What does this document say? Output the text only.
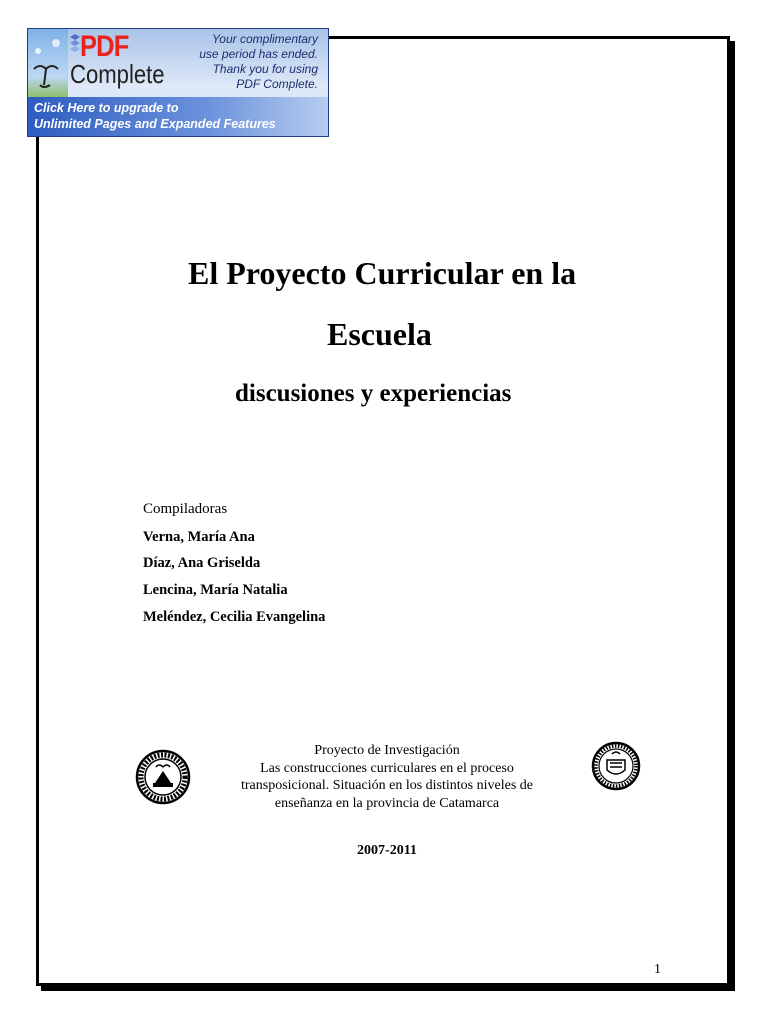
PDF
Complete
Your complimentary
use period has ended.
Thank you for using
PDF Complete.
Click Here to upgrade to
Unlimited Pages and Expanded Features
El Proyecto Curricular en la
Escuela
discusiones y experiencias
Compiladoras
Verna, María Ana
Díaz, Ana Griselda
Lencina, María Natalia
Meléndez, Cecilia Evangelina
Proyecto de Investigación
Las construcciones curriculares en el proceso
transposicional. Situación en los distintos niveles de
enseñanza en la provincia de Catamarca
2007-2011
1
